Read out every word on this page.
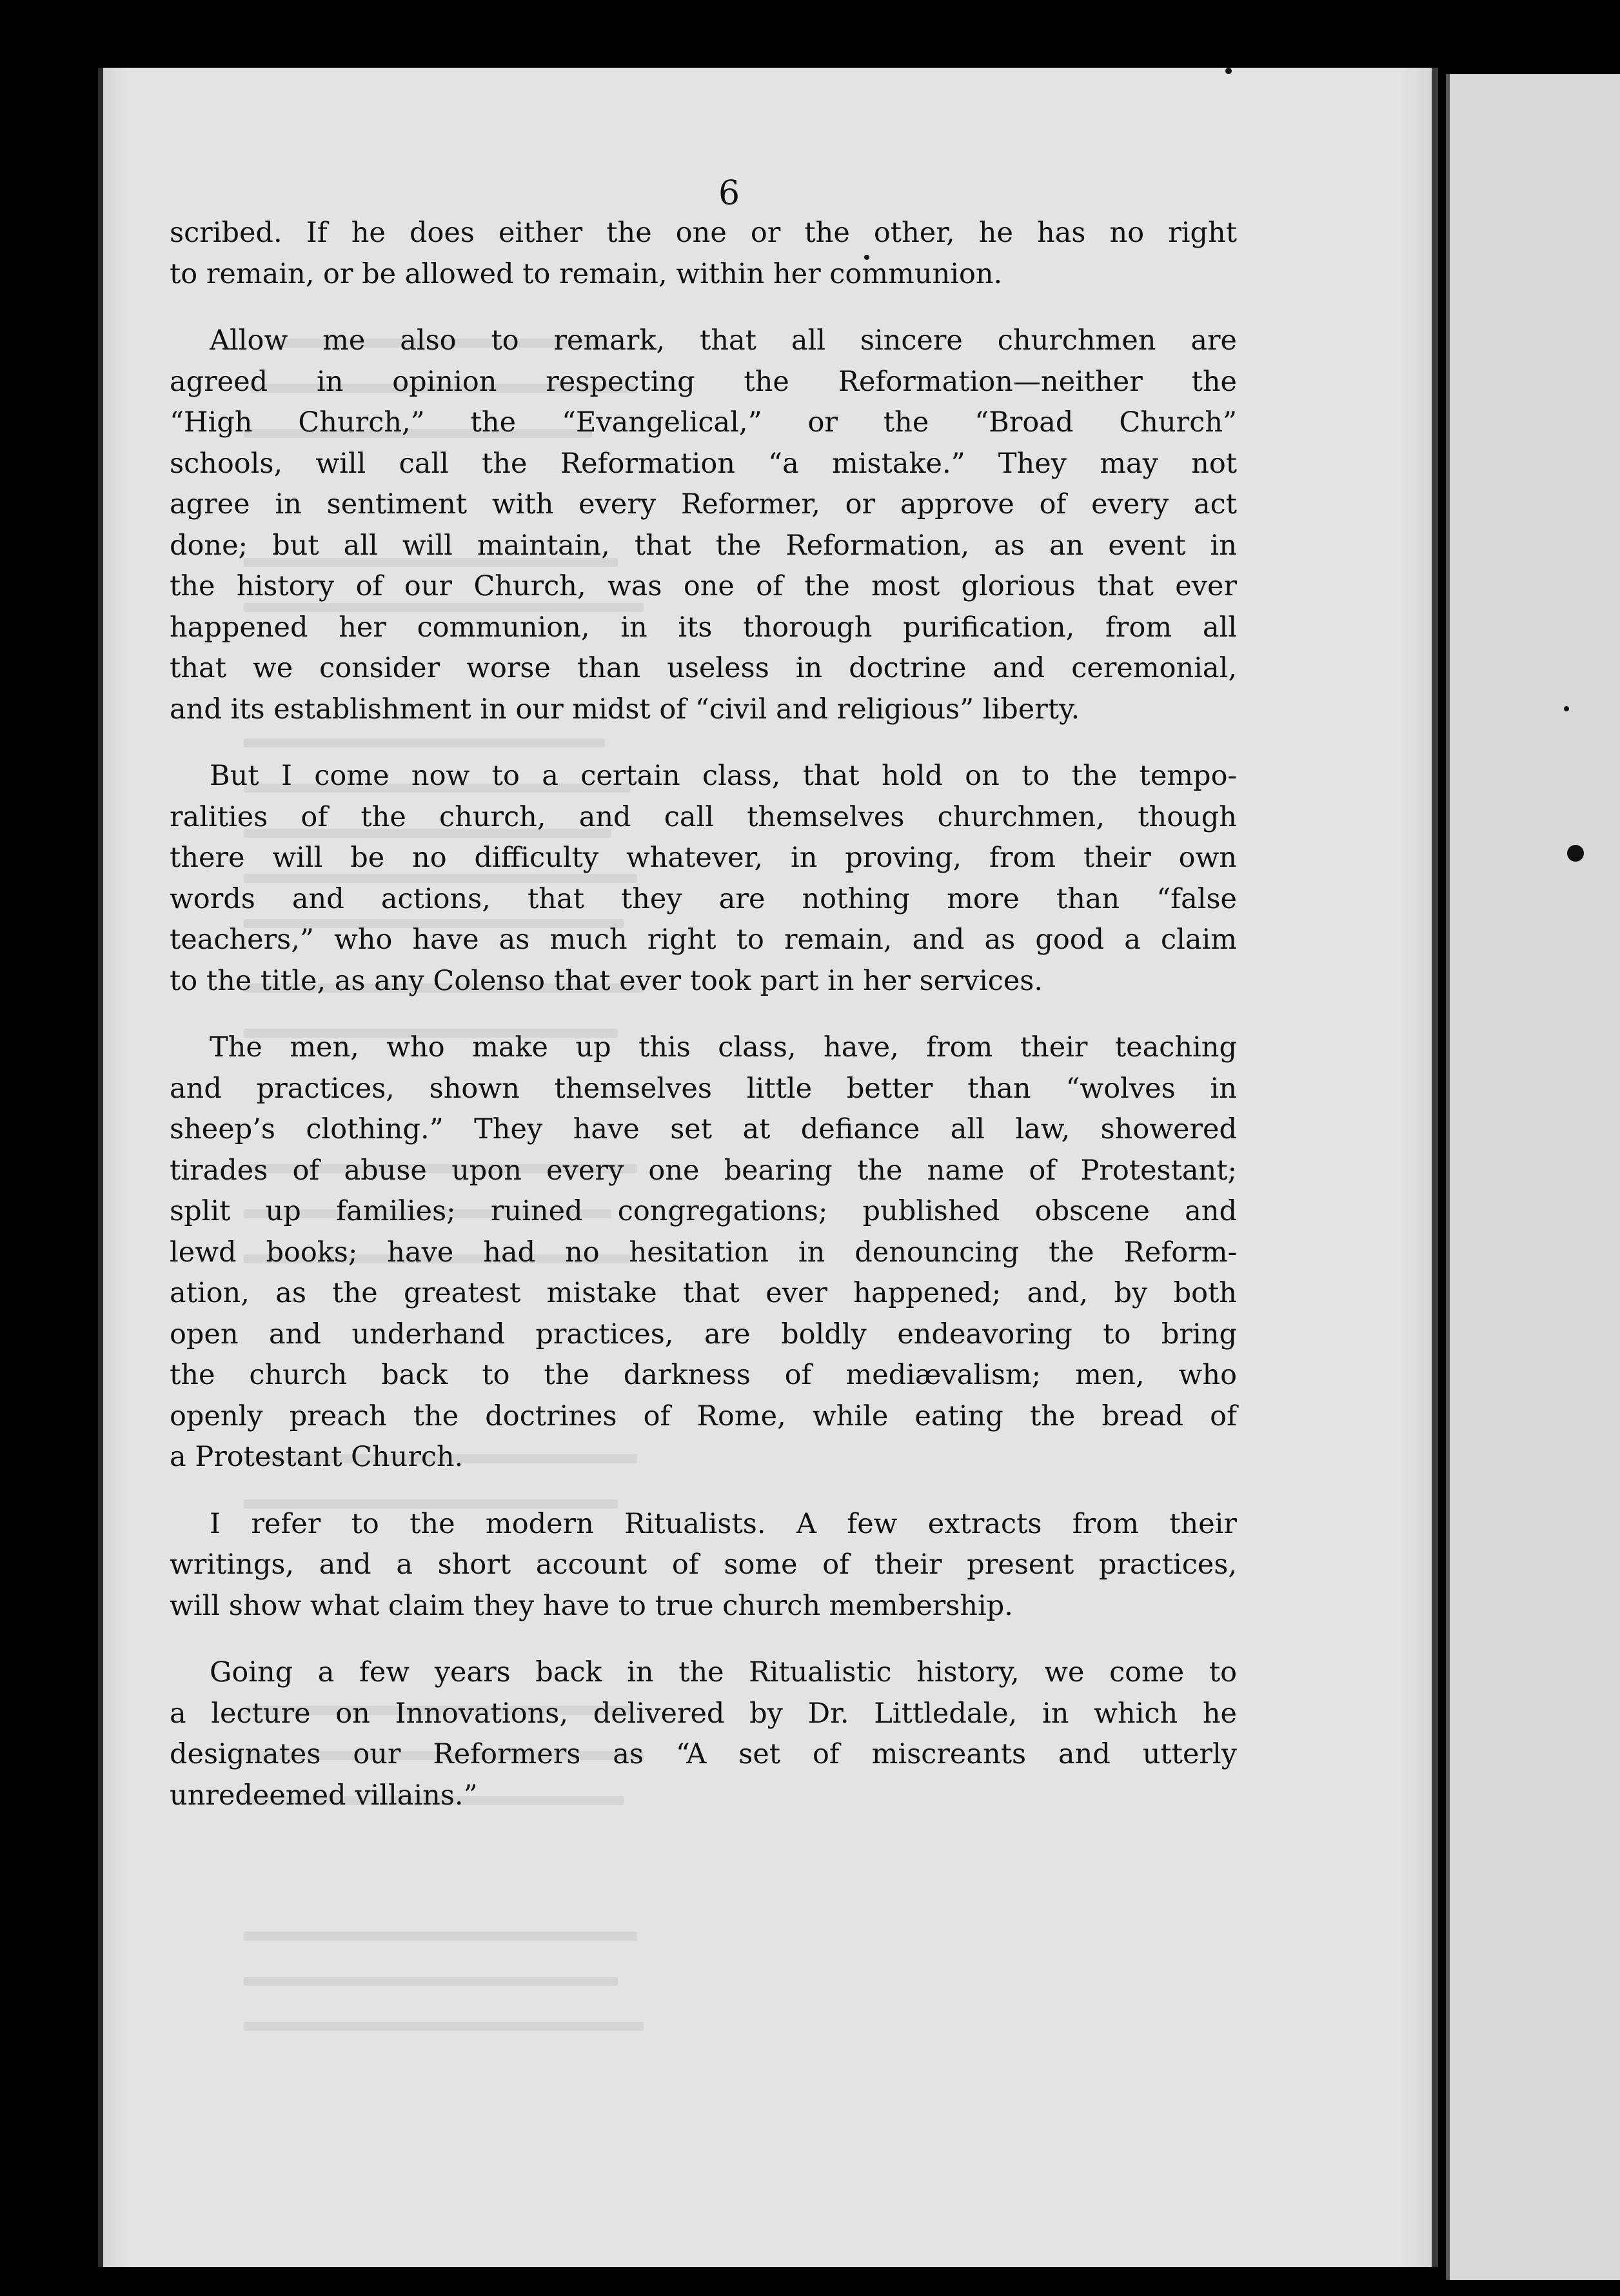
6

scribed. If he does either the one or the other, he has no right
to remain, or be allowed to remain, within her communion.

Allow me also to remark, that all sincere churchmen are
agreed in opinion respecting the Reformation—neither the
“High Church,” the “Evangelical,” or the “Broad Church”
schools, will call the Reformation “a mistake.” They may not
agree in sentiment with every Reformer, or approve of every act
done; but all will maintain, that the Reformation, as an event in
the history of our Church, was one of the most glorious that ever
happened her communion, in its thorough purification, from all
that we consider worse than useless in doctrine and ceremonial,
and its establishment in our midst of “civil and religious” liberty.

But I come now to a certain class, that hold on to the tempo-
ralities of the church, and call themselves churchmen, though
there will be no difficulty whatever, in proving, from their own
words and actions, that they are nothing more than “false
teachers,” who have as much right to remain, and as good a claim
to the title, as any Colenso that ever took part in her services.

The men, who make up this class, have, from their teaching
and practices, shown themselves little better than “wolves in
sheep’s clothing.” They have set at defiance all law, showered
tirades of abuse upon every one bearing the name of Protestant;
split up families; ruined congregations; published obscene and
lewd books; have had no hesitation in denouncing the Reform-
ation, as the greatest mistake that ever happened; and, by both
open and underhand practices, are boldly endeavoring to bring
the church back to the darkness of mediævalism; men, who
openly preach the doctrines of Rome, while eating the bread of
a Protestant Church.

I refer to the modern Ritualists. A few extracts from their
writings, and a short account of some of their present practices,
will show what claim they have to true church membership.

Going a few years back in the Ritualistic history, we come to
a lecture on Innovations, delivered by Dr. Littledale, in which he
designates our Reformers as “A set of miscreants and utterly
unredeemed villains.”
